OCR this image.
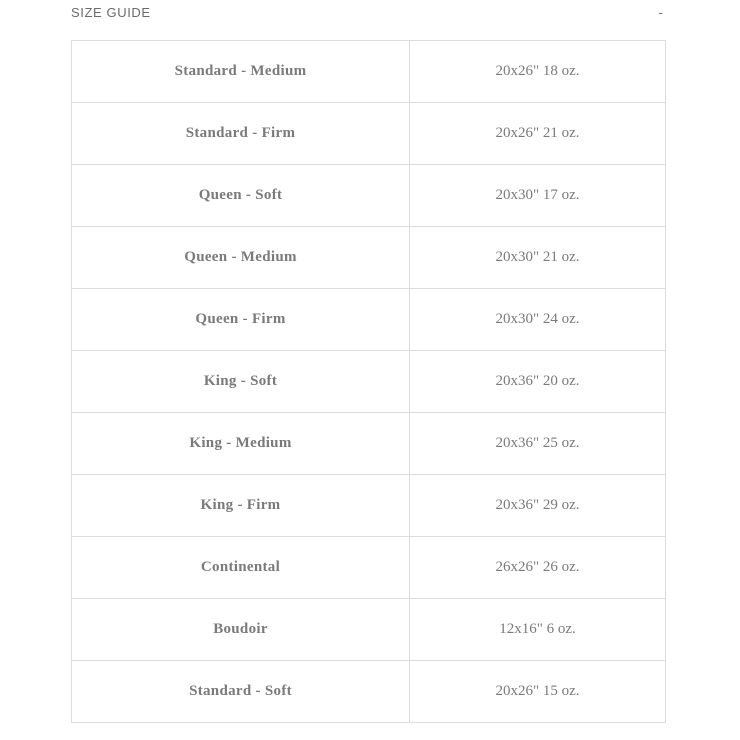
SIZE GUIDE	-
Standard - Medium	20x26" 18 oz.
Standard - Firm	20x26" 21 oz.
Queen - Soft	20x30" 17 oz.
Queen - Medium	20x30" 21 oz.
Queen - Firm	20x30" 24 oz.
King - Soft	20x36" 20 oz.
King - Medium	20x36" 25 oz.
King - Firm	20x36" 29 oz.
Continental	26x26" 26 oz.
Boudoir	12x16" 6 oz.
Standard - Soft	20x26" 15 oz.
